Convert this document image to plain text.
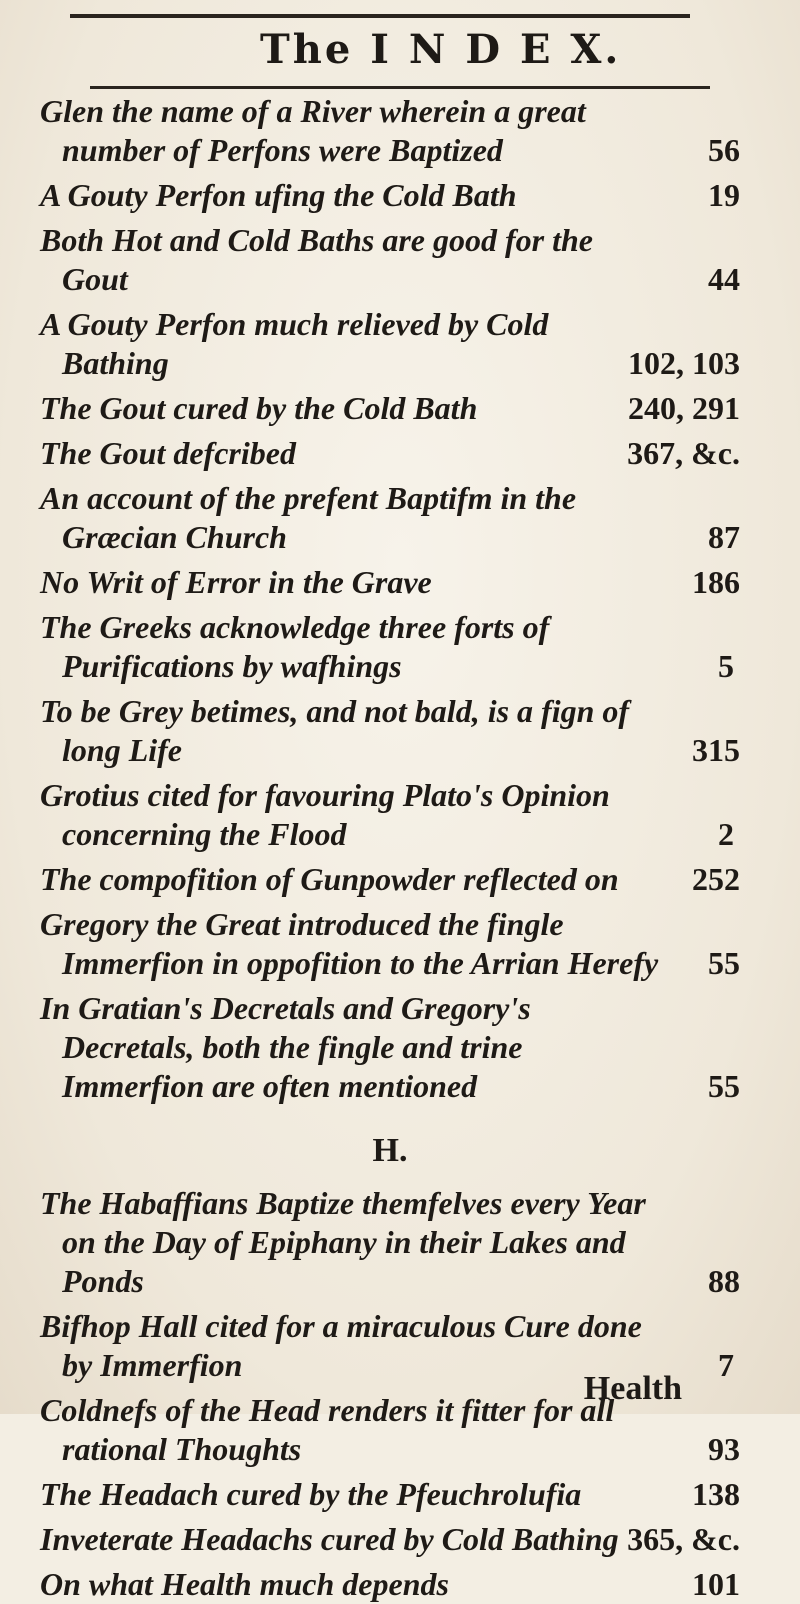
The I N D E X.
Glen the name of a River wherein a great number of Perfons were Baptized	56
A Gouty Perfon ufing the Cold Bath	19
Both Hot and Cold Baths are good for the Gout	44
A Gouty Perfon much relieved by Cold Bathing	102, 103
The Gout cured by the Cold Bath	240, 291
The Gout defcribed	367, &c.
An account of the prefent Baptifm in the Græcian Church	87
No Writ of Error in the Grave	186
The Greeks acknowledge three forts of Purifications by wafhings	5
To be Grey betimes, and not bald, is a fign of long Life	315
Grotius cited for favouring Plato's Opinion concerning the Flood	2
The compofition of Gunpowder reflected on 252
Gregory the Great introduced the fingle Immerfion in oppofition to the Arrian Herefy 55
In Gratian's Decretals and Gregory's Decretals, both the fingle and trine Immerfion are often mentioned	55
H.
The Habaffians Baptize themfelves every Year on the Day of Epiphany in their Lakes and Ponds	88
Bifhop Hall cited for a miraculous Cure done by Immerfion	7
Coldnefs of the Head renders it fitter for all rational Thoughts	93
The Headach cured by the Pfeuchrolufia	138
Inveterate Headachs cured by Cold Bathing 365, &c.
On what Health much depends	101
Health
